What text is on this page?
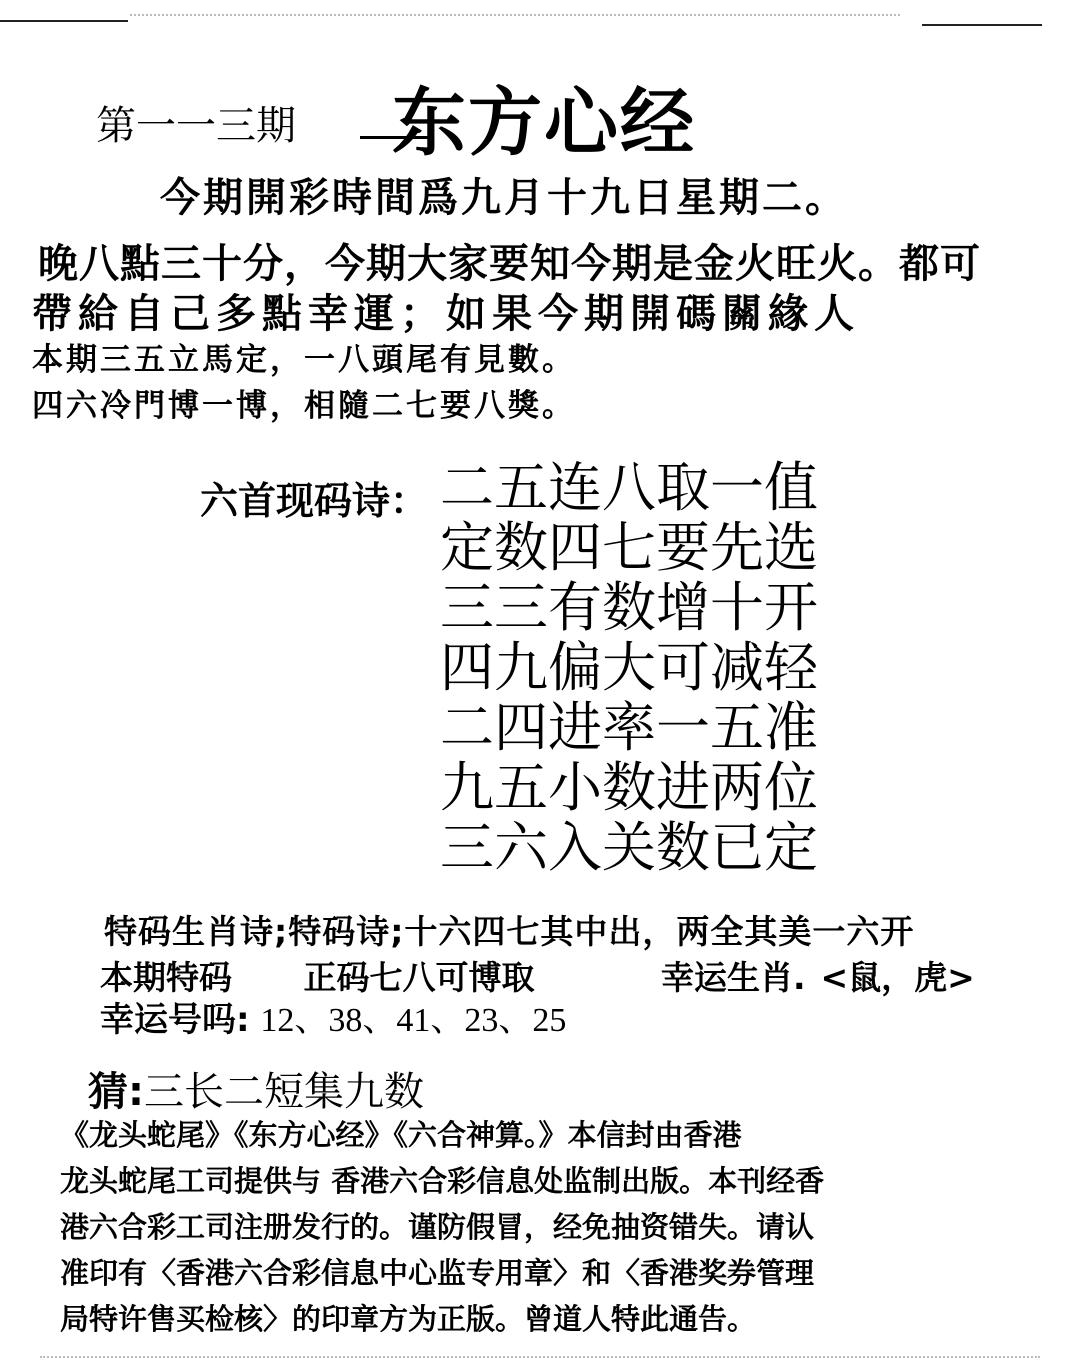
第一一三期 东方心经
今期開彩時間爲九月十九日星期二。
晚八點三十分，今期大家要知今期是金火旺火。都可
帶給自己多點幸運；如果今期開碼關緣人
本期三五立馬定，一八頭尾有見數。
四六冷門博一博，相隨二七要八獎。
六首现码诗： 二五连八取一值
定数四七要先选
三三有数增十开
四九偏大可减轻
二四进率一五准
九五小数进两位
三六入关数已定
特码生肖诗;特码诗;十六四七其中出，两全其美一六开
本期特码 正码七八可博取	幸运生肖. <鼠，虎>
幸运号吗: 12、38、41、23、25
猜:三长二短集九数
《龙头蛇尾》《东方心经》《六合神算。》本信封由香港
龙头蛇尾工司提供与 香港六合彩信息处监制出版。本刊经香
港六合彩工司注册发行的。谨防假冒，经免抽资错失。请认
准印有〈香港六合彩信息中心监专用章〉和〈香港奖券管理
局特许售买检核〉的印章方为正版。曾道人特此通告。
